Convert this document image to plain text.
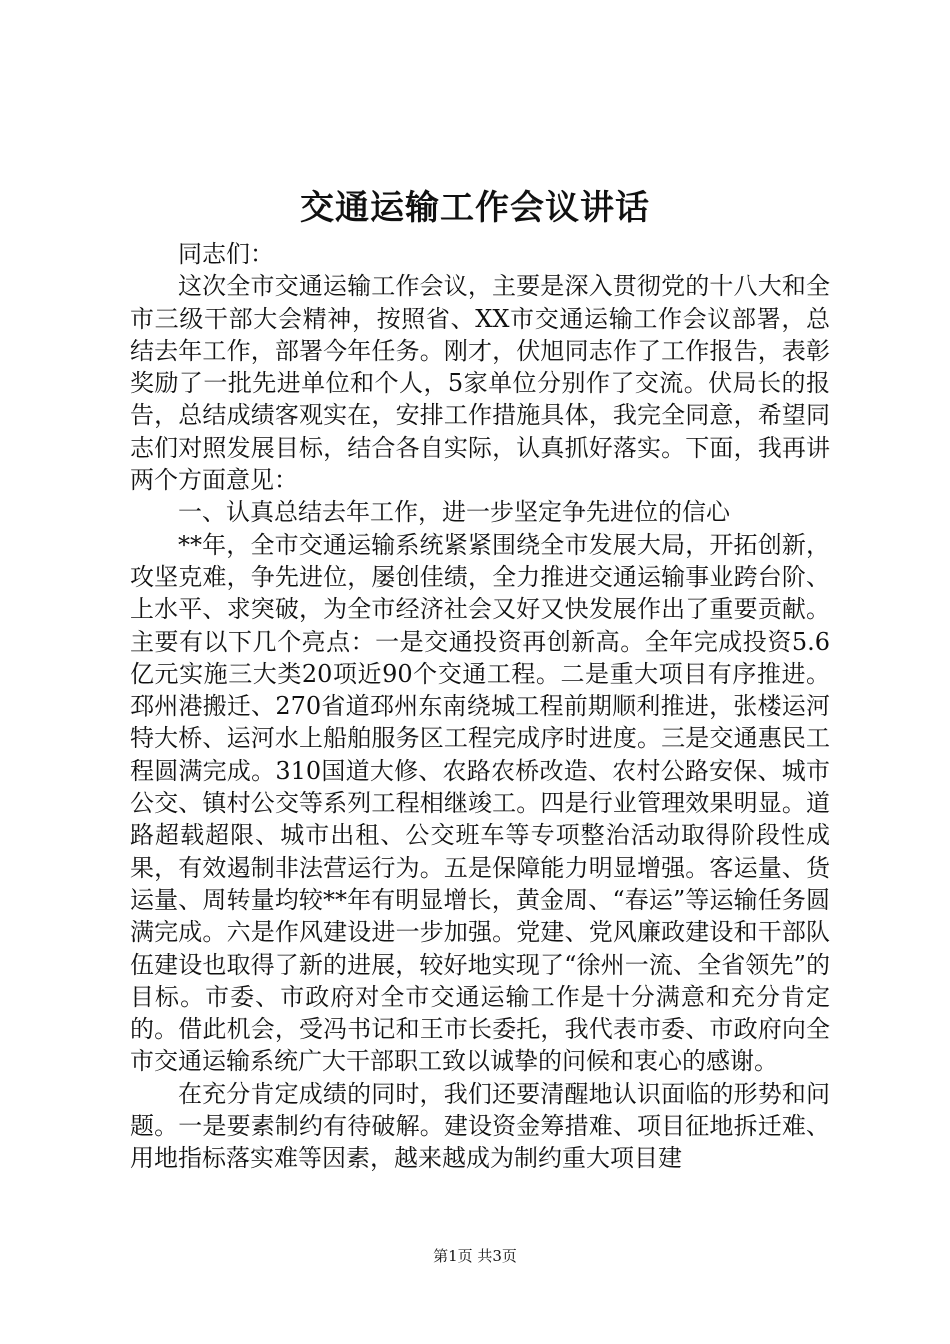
交通运输工作会议讲话

同志们：

这次全市交通运输工作会议，主要是深入贯彻党的十八大和全市三级干部大会精神，按照省、XX市交通运输工作会议部署，总结去年工作，部署今年任务。刚才，伏旭同志作了工作报告，表彰奖励了一批先进单位和个人，5家单位分别作了交流。伏局长的报告，总结成绩客观实在，安排工作措施具体，我完全同意，希望同志们对照发展目标，结合各自实际，认真抓好落实。下面，我再讲两个方面意见：

一、认真总结去年工作，进一步坚定争先进位的信心

**年，全市交通运输系统紧紧围绕全市发展大局，开拓创新，攻坚克难，争先进位，屡创佳绩，全力推进交通运输事业跨台阶、上水平、求突破，为全市经济社会又好又快发展作出了重要贡献。主要有以下几个亮点：一是交通投资再创新高。全年完成投资5.6亿元实施三大类20项近90个交通工程。二是重大项目有序推进。邳州港搬迁、270省道邳州东南绕城工程前期顺利推进，张楼运河特大桥、运河水上船舶服务区工程完成序时进度。三是交通惠民工程圆满完成。310国道大修、农路农桥改造、农村公路安保、城市公交、镇村公交等系列工程相继竣工。四是行业管理效果明显。道路超载超限、城市出租、公交班车等专项整治活动取得阶段性成果，有效遏制非法营运行为。五是保障能力明显增强。客运量、货运量、周转量均较**年有明显增长，黄金周、“春运”等运输任务圆满完成。六是作风建设进一步加强。党建、党风廉政建设和干部队伍建设也取得了新的进展，较好地实现了“徐州一流、全省领先”的目标。市委、市政府对全市交通运输工作是十分满意和充分肯定的。借此机会，受冯书记和王市长委托，我代表市委、市政府向全市交通运输系统广大干部职工致以诚挚的问候和衷心的感谢。

在充分肯定成绩的同时，我们还要清醒地认识面临的形势和问题。一是要素制约有待破解。建设资金筹措难、项目征地拆迁难、用地指标落实难等因素，越来越成为制约重大项目建

第1页 共3页
